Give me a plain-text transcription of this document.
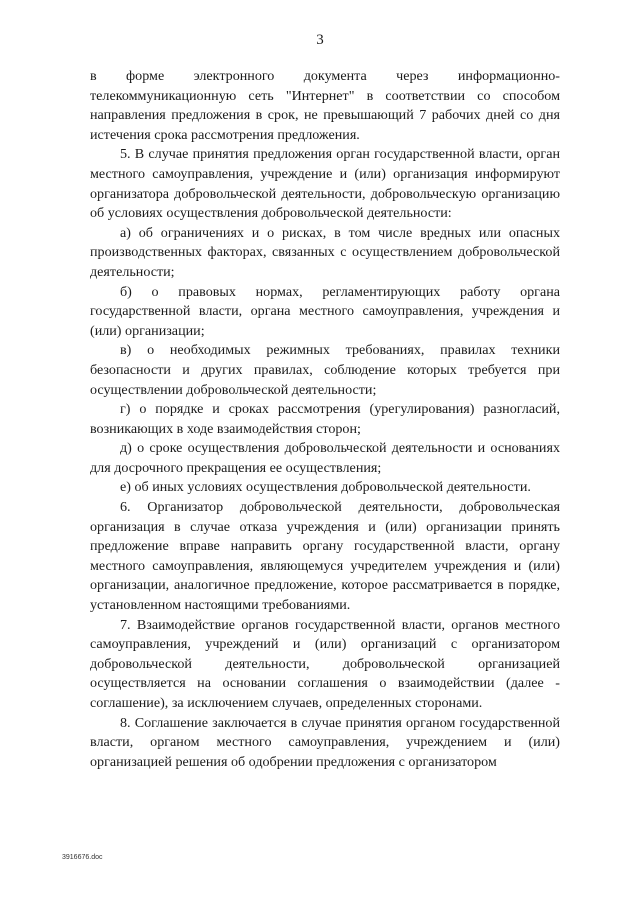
3

в форме электронного документа через информационно-телекоммуникационную сеть "Интернет" в соответствии со способом направления предложения в срок, не превышающий 7 рабочих дней со дня истечения срока рассмотрения предложения.

5. В случае принятия предложения орган государственной власти, орган местного самоуправления, учреждение и (или) организация информируют организатора добровольческой деятельности, добровольческую организацию об условиях осуществления добровольческой деятельности:

а) об ограничениях и о рисках, в том числе вредных или опасных производственных факторах, связанных с осуществлением добровольческой деятельности;

б) о правовых нормах, регламентирующих работу органа государственной власти, органа местного самоуправления, учреждения и (или) организации;

в) о необходимых режимных требованиях, правилах техники безопасности и других правилах, соблюдение которых требуется при осуществлении добровольческой деятельности;

г) о порядке и сроках рассмотрения (урегулирования) разногласий, возникающих в ходе взаимодействия сторон;

д) о сроке осуществления добровольческой деятельности и основаниях для досрочного прекращения ее осуществления;

е) об иных условиях осуществления добровольческой деятельности.

6. Организатор добровольческой деятельности, добровольческая организация в случае отказа учреждения и (или) организации принять предложение вправе направить органу государственной власти, органу местного самоуправления, являющемуся учредителем учреждения и (или) организации, аналогичное предложение, которое рассматривается в порядке, установленном настоящими требованиями.

7. Взаимодействие органов государственной власти, органов местного самоуправления, учреждений и (или) организаций с организатором добровольческой деятельности, добровольческой организацией осуществляется на основании соглашения о взаимодействии (далее - соглашение), за исключением случаев, определенных сторонами.

8. Соглашение заключается в случае принятия органом государственной власти, органом местного самоуправления, учреждением и (или) организацией решения об одобрении предложения с организатором

3916676.doc
